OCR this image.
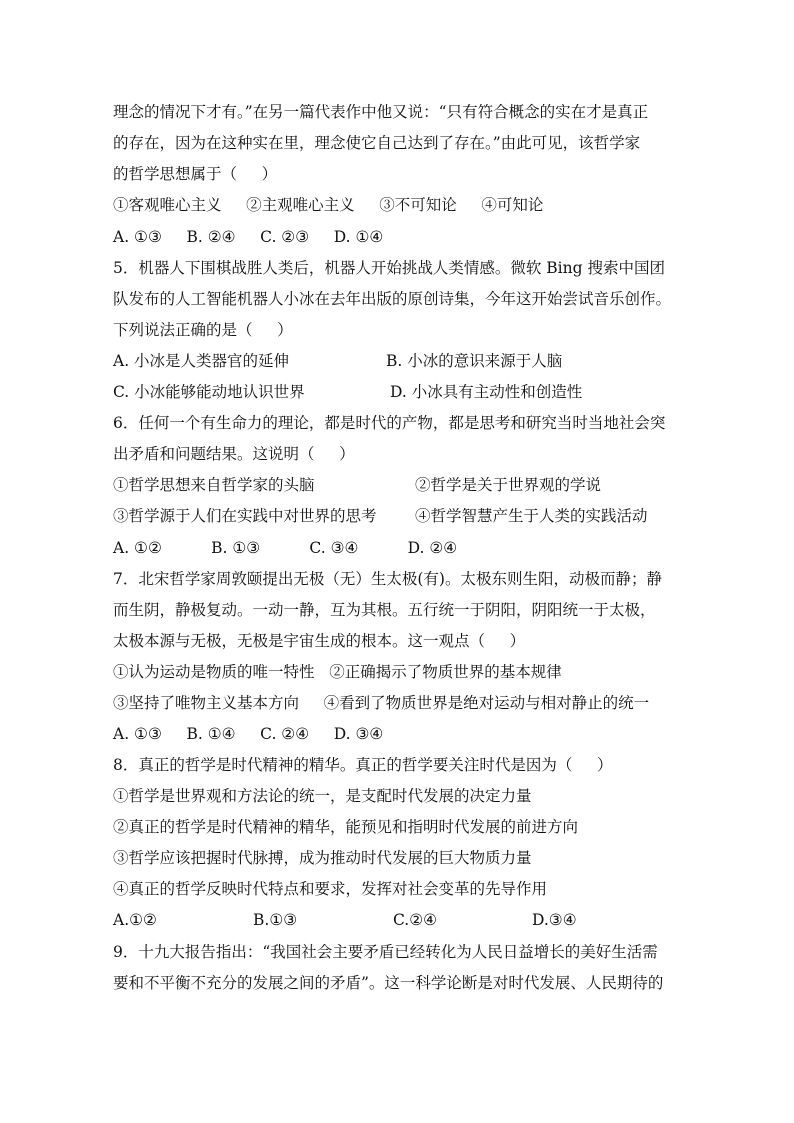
理念的情况下才有。”在另一篇代表作中他又说：“只有符合概念的实在才是真正
的存在，因为在这种实在里，理念使它自己达到了存在。”由此可见，该哲学家
的哲学思想属于（     ）
①客观唯心主义     ②主观唯心主义     ③不可知论     ④可知论
A. ①③     B. ②④     C. ②③     D. ①④
5．机器人下围棋战胜人类后，机器人开始挑战人类情感。微软 Bing 搜索中国团
队发布的人工智能机器人小冰在去年出版的原创诗集，今年这开始尝试音乐创作。
下列说法正确的是（     ）
A. 小冰是人类器官的延伸	B. 小冰的意识来源于人脑
C. 小冰能够能动地认识世界	D. 小冰具有主动性和创造性
6．任何一个有生命力的理论，都是时代的产物，都是思考和研究当时当地社会突
出矛盾和问题结果。这说明（     ）
①哲学思想来自哲学家的头脑	②哲学是关于世界观的学说
③哲学源于人们在实践中对世界的思考	④哲学智慧产生于人类的实践活动
A. ①②          B. ①③          C. ③④          D. ②④
7．北宋哲学家周敦颐提出无极（无）生太极(有)。太极东则生阳，动极而静；静
而生阴，静极复动。一动一静，互为其根。五行统一于阴阳，阴阳统一于太极，
太极本源与无极，无极是宇宙生成的根本。这一观点（     ）
①认为运动是物质的唯一特性   ②正确揭示了物质世界的基本规律
③坚持了唯物主义基本方向     ④看到了物质世界是绝对运动与相对静止的统一
A. ①③     B. ①④     C. ②④     D. ③④
8．真正的哲学是时代精神的精华。真正的哲学要关注时代是因为（     ）
①哲学是世界观和方法论的统一，是支配时代发展的决定力量
②真正的哲学是时代精神的精华，能预见和指明时代发展的前进方向
③哲学应该把握时代脉搏，成为推动时代发展的巨大物质力量
④真正的哲学反映时代特点和要求，发挥对社会变革的先导作用
A.①②	B.①③	C.②④	D.③④
9．十九大报告指出：“我国社会主要矛盾已经转化为人民日益增长的美好生活需
要和不平衡不充分的发展之间的矛盾”。这一科学论断是对时代发展、人民期待的
